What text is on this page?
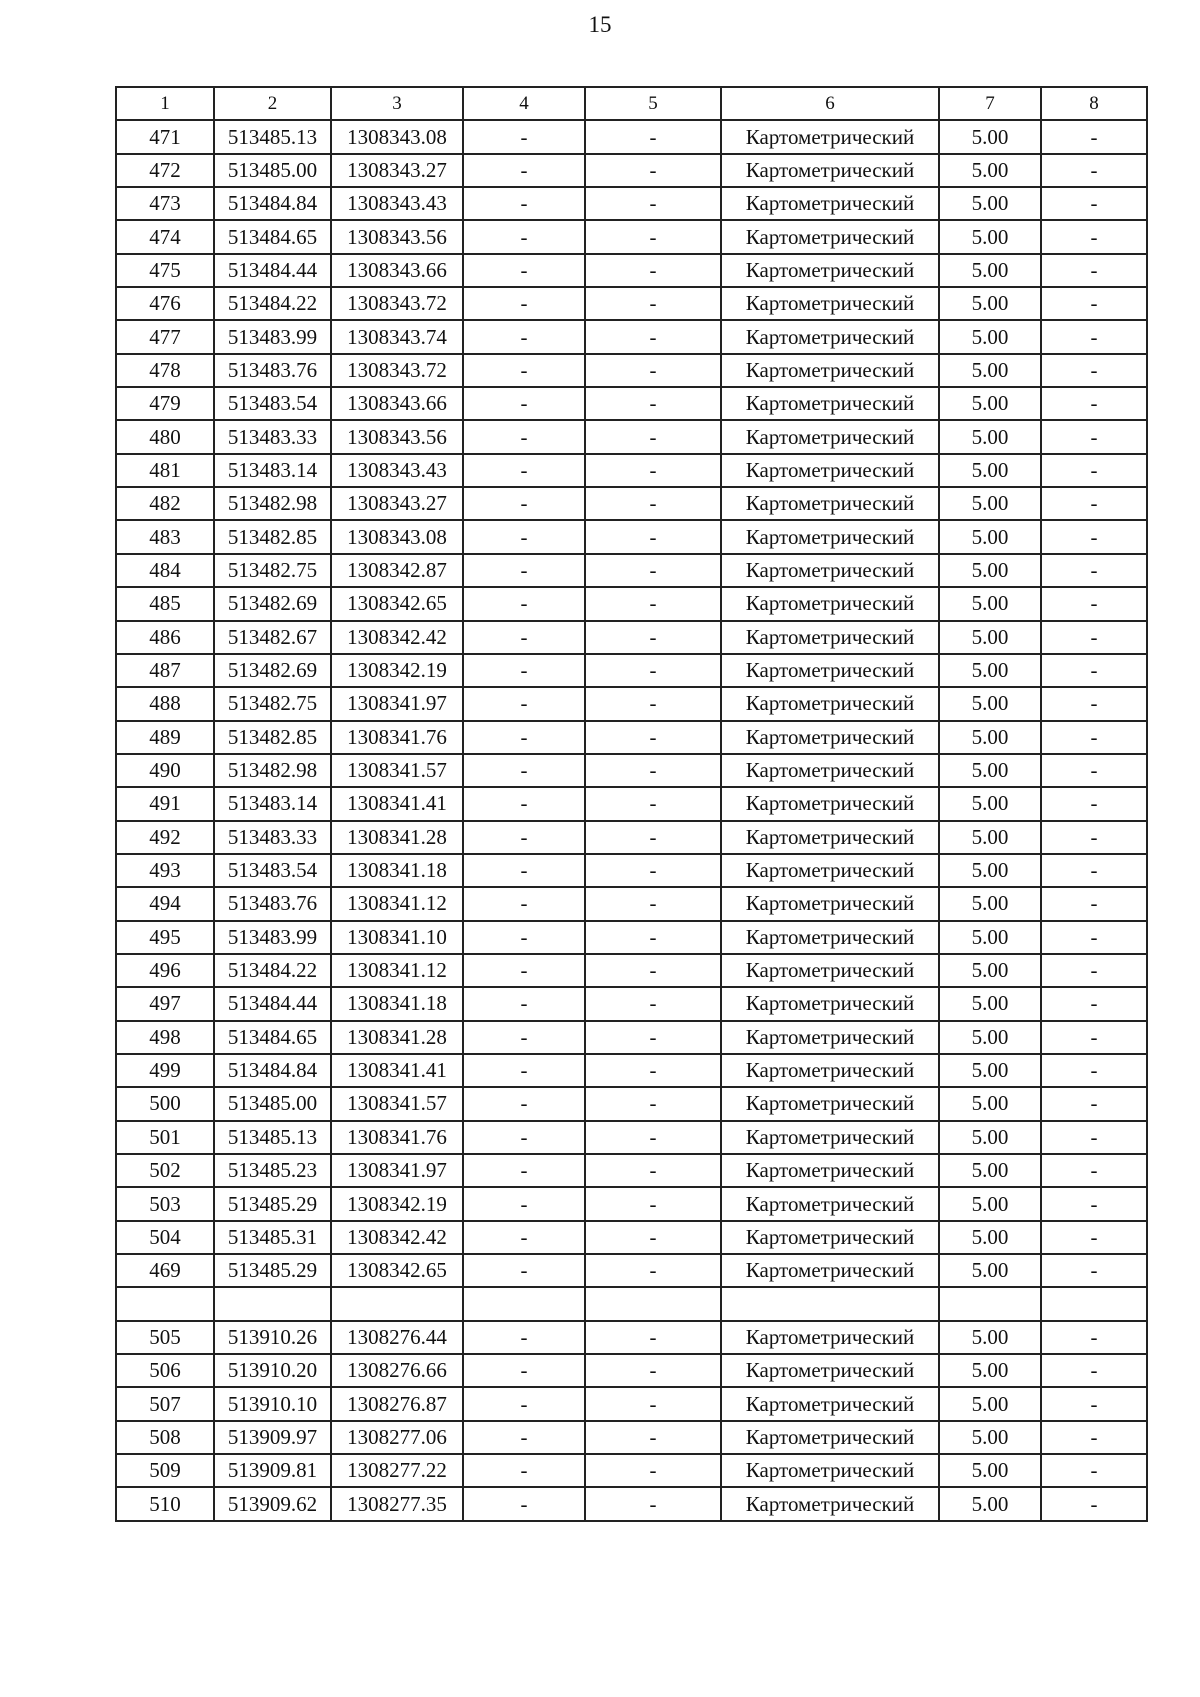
15
1	2	3	4	5	6	7	8
471	513485.13	1308343.08	-	-	Картометрический	5.00	-
472	513485.00	1308343.27	-	-	Картометрический	5.00	-
473	513484.84	1308343.43	-	-	Картометрический	5.00	-
474	513484.65	1308343.56	-	-	Картометрический	5.00	-
475	513484.44	1308343.66	-	-	Картометрический	5.00	-
476	513484.22	1308343.72	-	-	Картометрический	5.00	-
477	513483.99	1308343.74	-	-	Картометрический	5.00	-
478	513483.76	1308343.72	-	-	Картометрический	5.00	-
479	513483.54	1308343.66	-	-	Картометрический	5.00	-
480	513483.33	1308343.56	-	-	Картометрический	5.00	-
481	513483.14	1308343.43	-	-	Картометрический	5.00	-
482	513482.98	1308343.27	-	-	Картометрический	5.00	-
483	513482.85	1308343.08	-	-	Картометрический	5.00	-
484	513482.75	1308342.87	-	-	Картометрический	5.00	-
485	513482.69	1308342.65	-	-	Картометрический	5.00	-
486	513482.67	1308342.42	-	-	Картометрический	5.00	-
487	513482.69	1308342.19	-	-	Картометрический	5.00	-
488	513482.75	1308341.97	-	-	Картометрический	5.00	-
489	513482.85	1308341.76	-	-	Картометрический	5.00	-
490	513482.98	1308341.57	-	-	Картометрический	5.00	-
491	513483.14	1308341.41	-	-	Картометрический	5.00	-
492	513483.33	1308341.28	-	-	Картометрический	5.00	-
493	513483.54	1308341.18	-	-	Картометрический	5.00	-
494	513483.76	1308341.12	-	-	Картометрический	5.00	-
495	513483.99	1308341.10	-	-	Картометрический	5.00	-
496	513484.22	1308341.12	-	-	Картометрический	5.00	-
497	513484.44	1308341.18	-	-	Картометрический	5.00	-
498	513484.65	1308341.28	-	-	Картометрический	5.00	-
499	513484.84	1308341.41	-	-	Картометрический	5.00	-
500	513485.00	1308341.57	-	-	Картометрический	5.00	-
501	513485.13	1308341.76	-	-	Картометрический	5.00	-
502	513485.23	1308341.97	-	-	Картометрический	5.00	-
503	513485.29	1308342.19	-	-	Картометрический	5.00	-
504	513485.31	1308342.42	-	-	Картометрический	5.00	-
469	513485.29	1308342.65	-	-	Картометрический	5.00	-

505	513910.26	1308276.44	-	-	Картометрический	5.00	-
506	513910.20	1308276.66	-	-	Картометрический	5.00	-
507	513910.10	1308276.87	-	-	Картометрический	5.00	-
508	513909.97	1308277.06	-	-	Картометрический	5.00	-
509	513909.81	1308277.22	-	-	Картометрический	5.00	-
510	513909.62	1308277.35	-	-	Картометрический	5.00	-
